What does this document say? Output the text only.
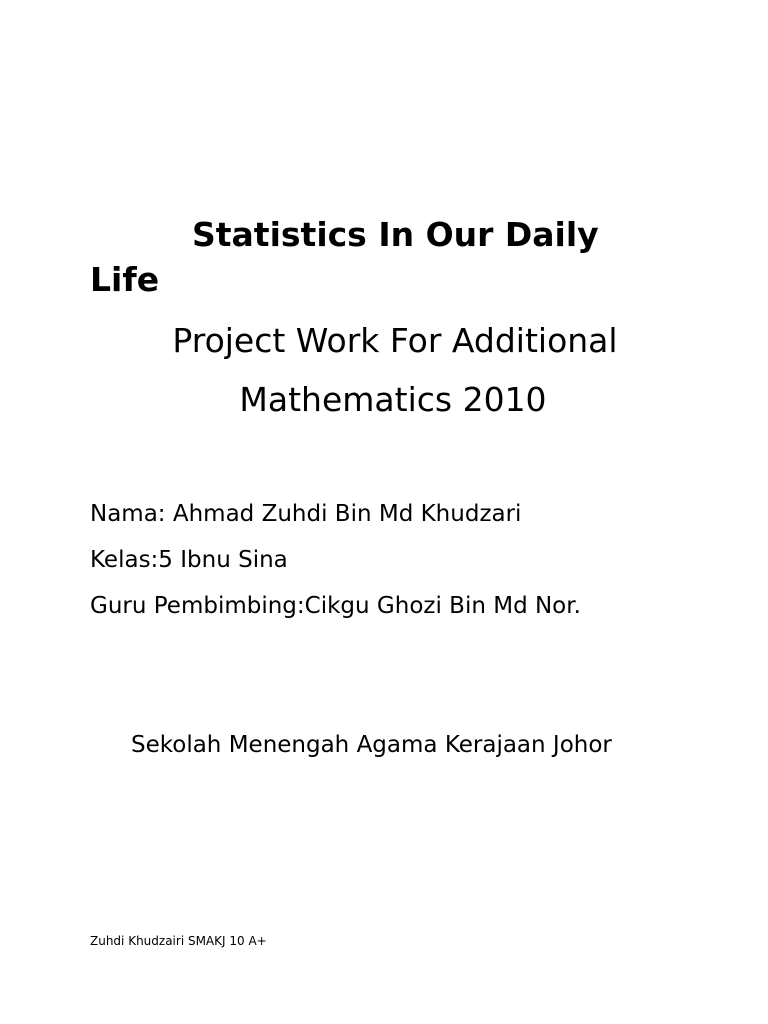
Statistics In Our Daily Life

Project Work For Additional

Mathematics 2010

Nama: Ahmad Zuhdi Bin Md Khudzari

Kelas:5 Ibnu Sina

Guru Pembimbing:Cikgu Ghozi Bin Md Nor.

Sekolah Menengah Agama Kerajaan Johor

Zuhdi Khudzairi SMAKJ 10 A+
